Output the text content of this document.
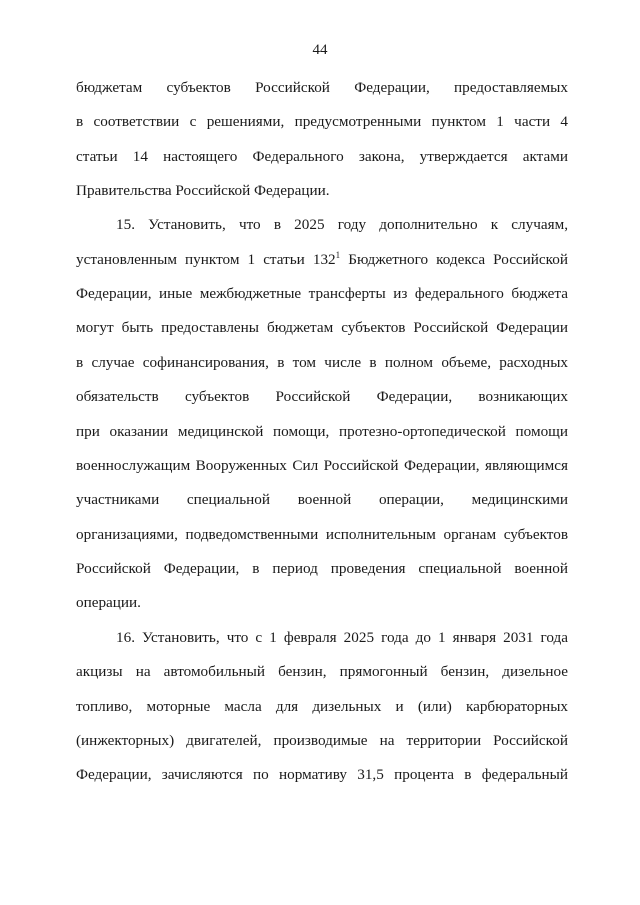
44
бюджетам субъектов Российской Федерации, предоставляемых
в соответствии с решениями, предусмотренными пунктом 1 части 4
статьи 14 настоящего Федерального закона, утверждается актами
Правительства Российской Федерации.
15. Установить, что в 2025 году дополнительно к случаям,
установленным пунктом 1 статьи $132^1$ Бюджетного кодекса Российской
Федерации, иные межбюджетные трансферты из федерального бюджета
могут быть предоставлены бюджетам субъектов Российской Федерации
в случае софинансирования, в том числе в полном объеме, расходных
обязательств субъектов Российской Федерации, возникающих
при оказании медицинской помощи, протезно-ортопедической помощи
военнослужащим Вооруженных Сил Российской Федерации, являющимся
участниками специальной военной операции, медицинскими
организациями, подведомственными исполнительным органам субъектов
Российской Федерации, в период проведения специальной военной
операции.
16. Установить, что с 1 февраля 2025 года до 1 января 2031 года
акцизы на автомобильный бензин, прямогонный бензин, дизельное
топливо, моторные масла для дизельных и (или) карбюраторных
(инжекторных) двигателей, производимые на территории Российской
Федерации, зачисляются по нормативу 31,5 процента в федеральный
